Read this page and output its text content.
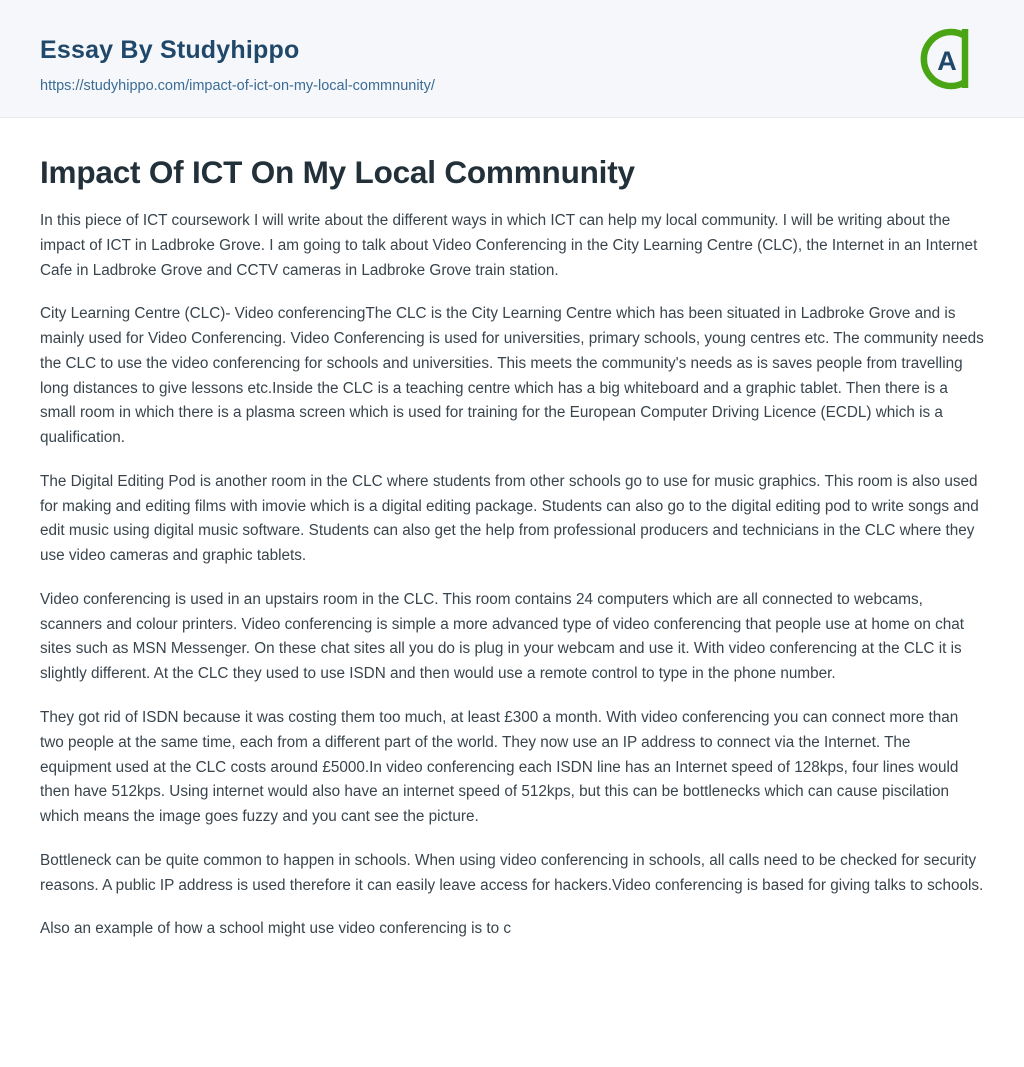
Essay By Studyhippo
https://studyhippo.com/impact-of-ict-on-my-local-commnunity/
A
Impact Of ICT On My Local Commnunity

In this piece of ICT coursework I will write about the different ways in which ICT can help my local community. I will be writing about the impact of ICT in Ladbroke Grove. I am going to talk about Video Conferencing in the City Learning Centre (CLC), the Internet in an Internet Cafe in Ladbroke Grove and CCTV cameras in Ladbroke Grove train station.

City Learning Centre (CLC)- Video conferencingThe CLC is the City Learning Centre which has been situated in Ladbroke Grove and is mainly used for Video Conferencing. Video Conferencing is used for universities, primary schools, young centres etc. The community needs the CLC to use the video conferencing for schools and universities. This meets the community's needs as is saves people from travelling long distances to give lessons etc.Inside the CLC is a teaching centre which has a big whiteboard and a graphic tablet. Then there is a small room in which there is a plasma screen which is used for training for the European Computer Driving Licence (ECDL) which is a qualification.

The Digital Editing Pod is another room in the CLC where students from other schools go to use for music graphics. This room is also used for making and editing films with imovie which is a digital editing package. Students can also go to the digital editing pod to write songs and edit music using digital music software. Students can also get the help from professional producers and technicians in the CLC where they use video cameras and graphic tablets.

Video conferencing is used in an upstairs room in the CLC. This room contains 24 computers which are all connected to webcams, scanners and colour printers. Video conferencing is simple a more advanced type of video conferencing that people use at home on chat sites such as MSN Messenger. On these chat sites all you do is plug in your webcam and use it. With video conferencing at the CLC it is slightly different. At the CLC they used to use ISDN and then would use a remote control to type in the phone number.

They got rid of ISDN because it was costing them too much, at least £300 a month. With video conferencing you can connect more than two people at the same time, each from a different part of the world. They now use an IP address to connect via the Internet. The equipment used at the CLC costs around £5000.In video conferencing each ISDN line has an Internet speed of 128kps, four lines would then have 512kps. Using internet would also have an internet speed of 512kps, but this can be bottlenecks which can cause piscilation which means the image goes fuzzy and you cant see the picture.

Bottleneck can be quite common to happen in schools. When using video conferencing in schools, all calls need to be checked for security reasons. A public IP address is used therefore it can easily leave access for hackers.Video conferencing is based for giving talks to schools.

Also an example of how a school might use video conferencing is to c
